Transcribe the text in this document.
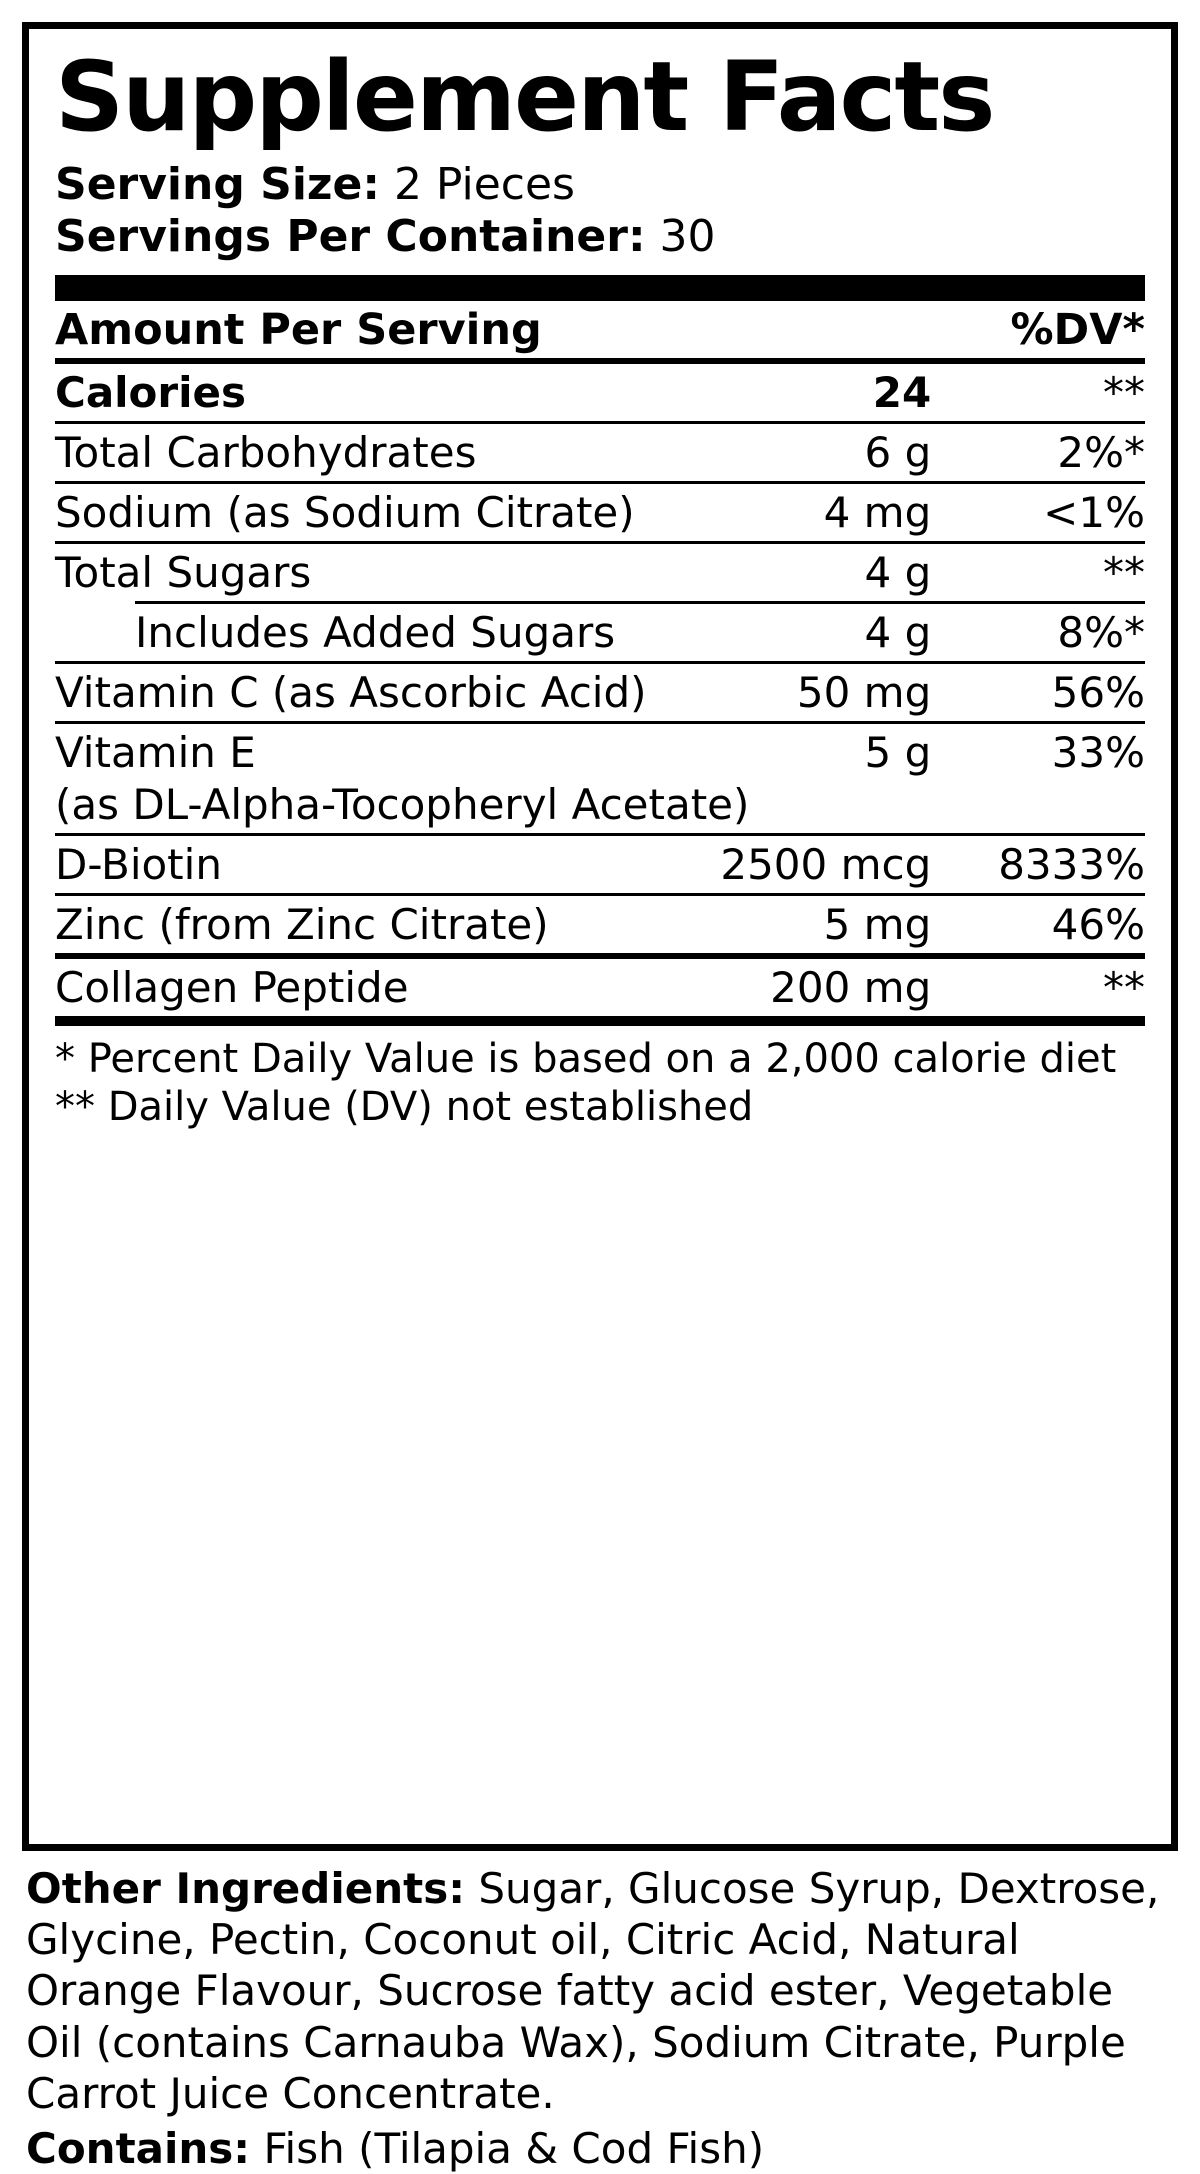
Supplement Facts
Serving Size: 2 Pieces
Servings Per Container: 30
Amount Per Serving		%DV*

Calories	24	**

Total Carbohydrates	6 g	2%*

Sodium (as Sodium Citrate)	4 mg	<1%

Total Sugars	4 g	**

Includes Added Sugars	4 g	8%*

Vitamin C (as Ascorbic Acid)	50 mg	56%

Vitamin E	5 g	33%
(as DL-Alpha-Tocopheryl Acetate)		

D-Biotin	2500 mcg	8333%

Zinc (from Zinc Citrate)	5 mg	46%

Collagen Peptide	200 mg	**
* Percent Daily Value is based on a 2,000 calorie diet
** Daily Value (DV) not established
Other Ingredients: Sugar, Glucose Syrup, Dextrose, Glycine, Pectin, Coconut oil, Citric Acid, Natural Orange Flavour, Sucrose fatty acid ester, Vegetable Oil (contains Carnauba Wax), Sodium Citrate, Purple Carrot Juice Concentrate.
Contains: Fish (Tilapia & Cod Fish)
